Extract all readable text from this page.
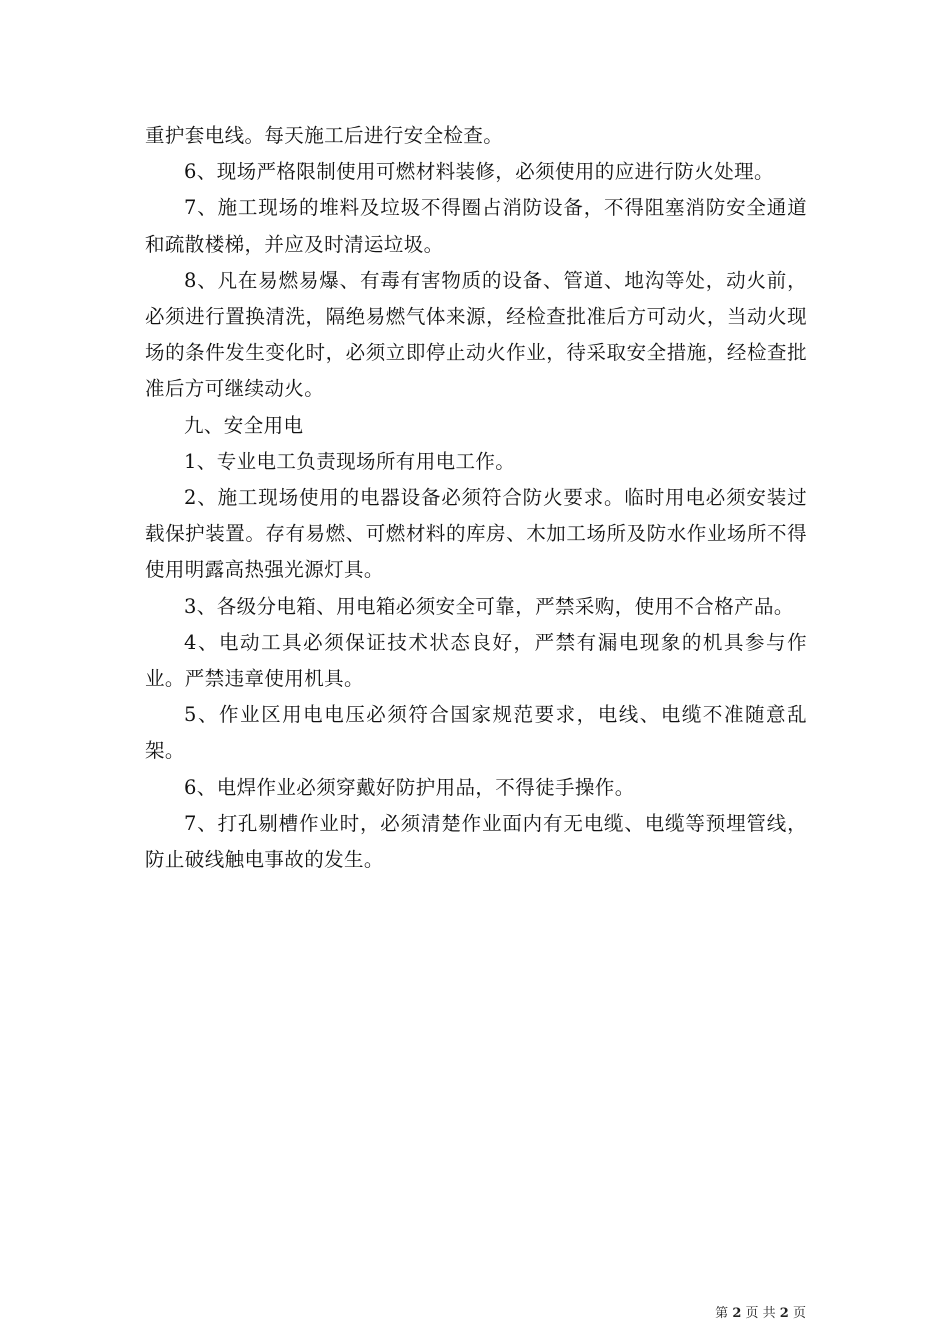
重护套电线。每天施工后进行安全检查。

6、现场严格限制使用可燃材料装修，必须使用的应进行防火处理。

7、施工现场的堆料及垃圾不得圈占消防设备，不得阻塞消防安全通道和疏散楼梯，并应及时清运垃圾。

8、凡在易燃易爆、有毒有害物质的设备、管道、地沟等处，动火前，必须进行置换清洗，隔绝易燃气体来源，经检查批准后方可动火，当动火现场的条件发生变化时，必须立即停止动火作业，待采取安全措施，经检查批准后方可继续动火。

九、安全用电

1、专业电工负责现场所有用电工作。

2、施工现场使用的电器设备必须符合防火要求。临时用电必须安装过载保护装置。存有易燃、可燃材料的库房、木加工场所及防水作业场所不得使用明露高热强光源灯具。

3、各级分电箱、用电箱必须安全可靠，严禁采购，使用不合格产品。

4、电动工具必须保证技术状态良好，严禁有漏电现象的机具参与作业。严禁违章使用机具。

5、作业区用电电压必须符合国家规范要求，电线、电缆不准随意乱架。

6、电焊作业必须穿戴好防护用品，不得徒手操作。

7、打孔剔槽作业时，必须清楚作业面内有无电缆、电缆等预埋管线，防止破线触电事故的发生。

第 2 页 共 2 页
